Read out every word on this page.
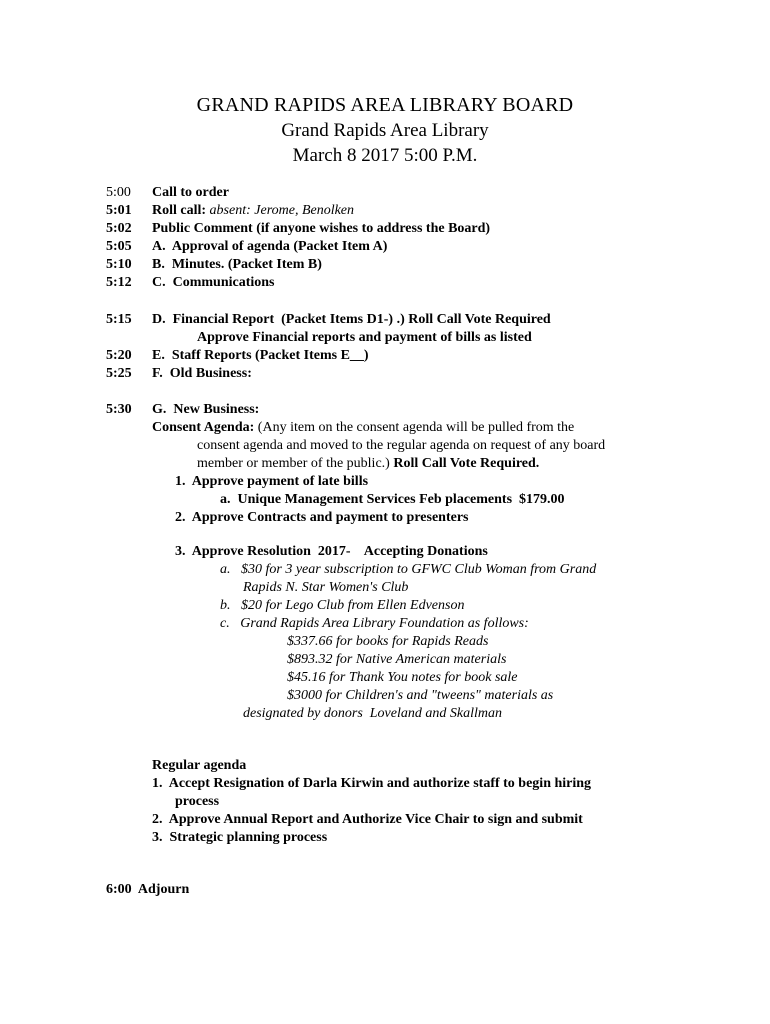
GRAND RAPIDS AREA LIBRARY BOARD
Grand Rapids Area Library
March 8 2017 5:00 P.M.
5:00	Call to order
5:01	Roll call: absent: Jerome, Benolken
5:02	Public Comment (if anyone wishes to address the Board)
5:05	A.  Approval of agenda (Packet Item A)
5:10	B.  Minutes. (Packet Item B)
5:12	C.  Communications
5:15	D.  Financial Report  (Packet Items D1-) .) Roll Call Vote Required
Approve Financial reports and payment of bills as listed
5:20	E.  Staff Reports (Packet Items E__)
5:25	F.  Old Business:
5:30	G.  New Business:
Consent Agenda: (Any item on the consent agenda will be pulled from the
consent agenda and moved to the regular agenda on request of any board
member or member of the public.) Roll Call Vote Required.
1. Approve payment of late bills
a. Unique Management Services Feb placements  $179.00
2. Approve Contracts and payment to presenters
3. Approve Resolution  2017-    Accepting Donations
a. $30 for 3 year subscription to GFWC Club Woman from Grand
Rapids N. Star Women's Club
b. $20 for Lego Club from Ellen Edvenson
c. Grand Rapids Area Library Foundation as follows:
$337.66 for books for Rapids Reads
$893.32 for Native American materials
$45.16 for Thank You notes for book sale
$3000 for Children's and "tweens" materials as
designated by donors  Loveland and Skallman
Regular agenda
1. Accept Resignation of Darla Kirwin and authorize staff to begin hiring
process
2. Approve Annual Report and Authorize Vice Chair to sign and submit
3. Strategic planning process
6:00 Adjourn
